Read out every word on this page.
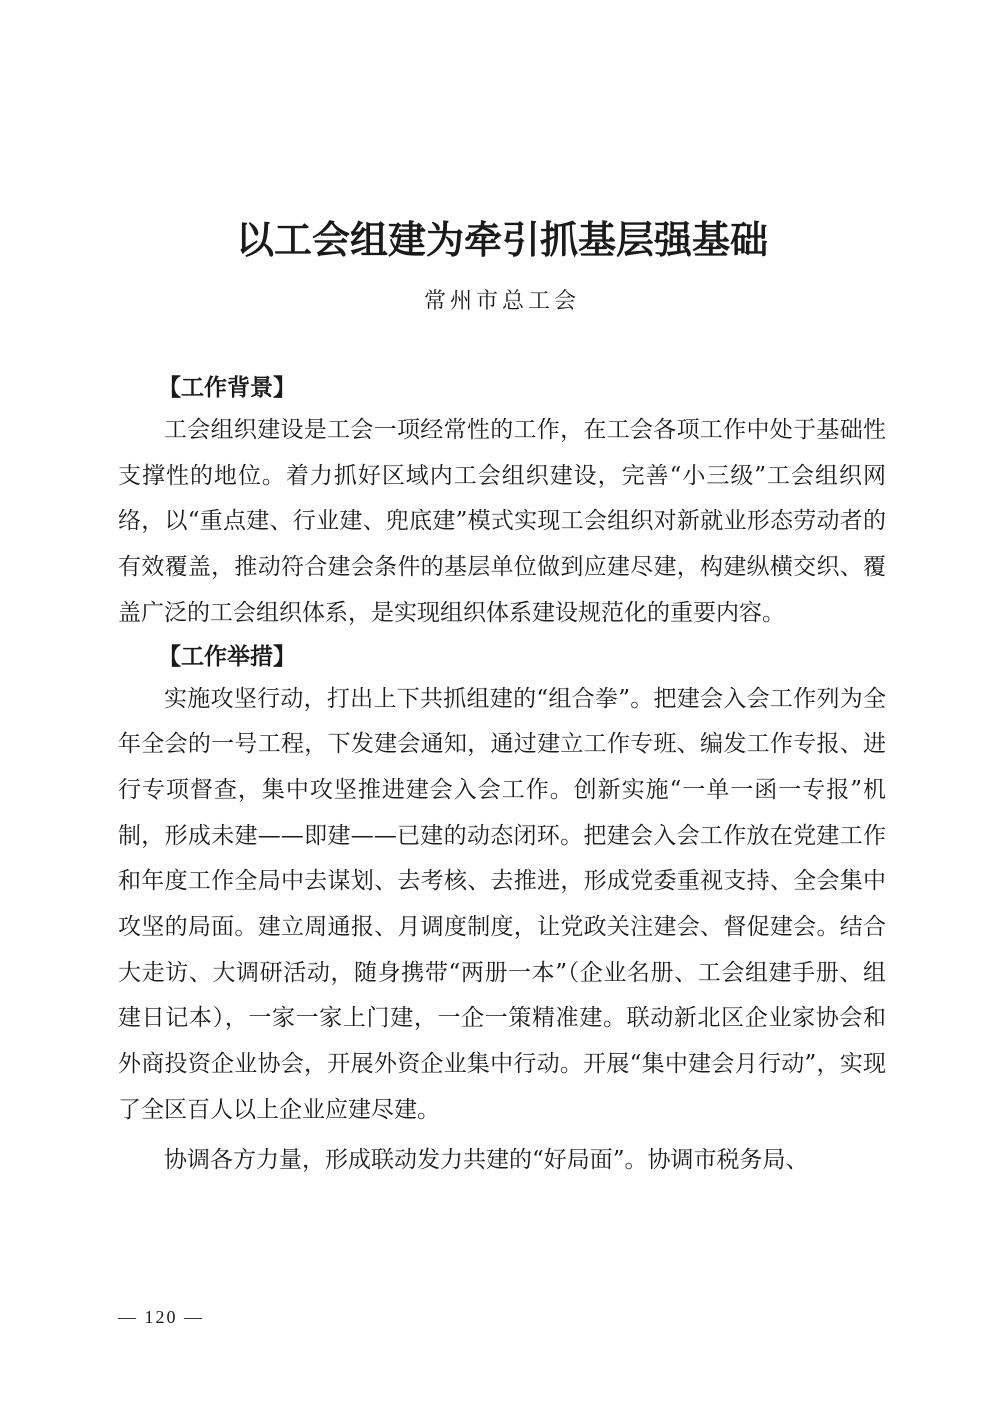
以工会组建为牵引抓基层强基础

常州市总工会

【工作背景】

工会组织建设是工会一项经常性的工作，在工会各项工作中处于基础性支撑性的地位。着力抓好区域内工会组织建设，完善“小三级”工会组织网络，以“重点建、行业建、兜底建”模式实现工会组织对新就业形态劳动者的有效覆盖，推动符合建会条件的基层单位做到应建尽建，构建纵横交织、覆盖广泛的工会组织体系，是实现组织体系建设规范化的重要内容。

【工作举措】

实施攻坚行动，打出上下共抓组建的“组合拳”。把建会入会工作列为全年全会的一号工程，下发建会通知，通过建立工作专班、编发工作专报、进行专项督查，集中攻坚推进建会入会工作。创新实施“一单一函一专报”机制，形成未建——即建——已建的动态闭环。把建会入会工作放在党建工作和年度工作全局中去谋划、去考核、去推进，形成党委重视支持、全会集中攻坚的局面。建立周通报、月调度制度，让党政关注建会、督促建会。结合大走访、大调研活动，随身携带“两册一本”（企业名册、工会组建手册、组建日记本），一家一家上门建，一企一策精准建。联动新北区企业家协会和外商投资企业协会，开展外资企业集中行动。开展“集中建会月行动”，实现了全区百人以上企业应建尽建。

协调各方力量，形成联动发力共建的“好局面”。协调市税务局、

— 120 —
